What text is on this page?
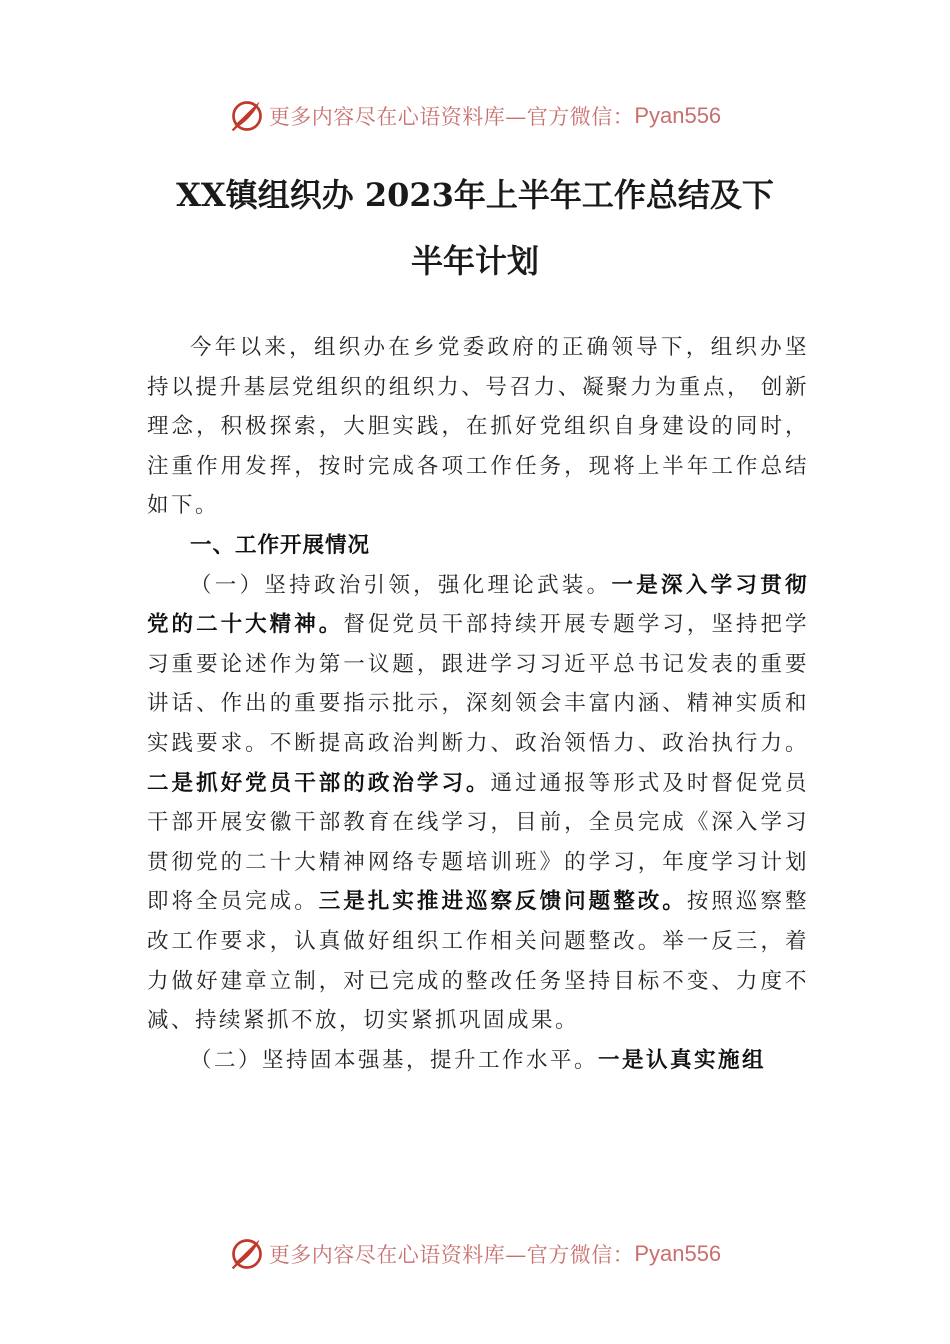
更多内容尽在心语资料库—官方微信： Pyan556
XX镇组织办 2023年上半年工作总结及下
半年计划

今年以来，组织办在乡党委政府的正确领导下，组织办坚持以提升基层党组织的组织力、号召力、凝聚力为重点， 创新理念，积极探索，大胆实践，在抓好党组织自身建设的同时，注重作用发挥，按时完成各项工作任务，现将上半年工作总结如下。

一、工作开展情况

（一）坚持政治引领，强化理论武装。一是深入学习贯彻党的二十大精神。督促党员干部持续开展专题学习，坚持把学习重要论述作为第一议题，跟进学习习近平总书记发表的重要讲话、作出的重要指示批示，深刻领会丰富内涵、精神实质和实践要求。不断提高政治判断力、政治领悟力、政治执行力。二是抓好党员干部的政治学习。通过通报等形式及时督促党员干部开展安徽干部教育在线学习，目前，全员完成《深入学习贯彻党的二十大精神网络专题培训班》的学习，年度学习计划即将全员完成。三是扎实推进巡察反馈问题整改。按照巡察整改工作要求，认真做好组织工作相关问题整改。举一反三，着力做好建章立制，对已完成的整改任务坚持目标不变、力度不减、持续紧抓不放，切实紧抓巩固成果。

（二）坚持固本强基，提升工作水平。一是认真实施组

更多内容尽在心语资料库—官方微信： Pyan556
